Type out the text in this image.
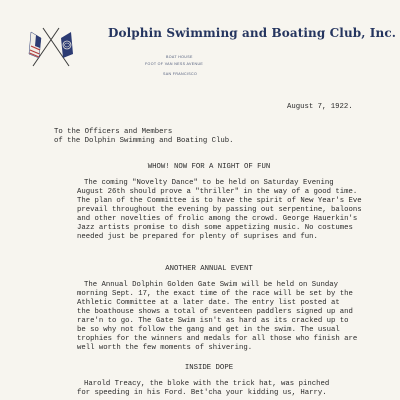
Dolphin Swimming and Boating Club, Inc.
BOAT HOUSE
FOOT OF VAN NESS AVENUE
SAN FRANCISCO
August 7, 1922.
To the Officers and Members
of the Dolphin Swimming and Boating Club.
WHOW! NOW FOR A NIGHT OF FUN
The coming "Novelty Dance" to be held on Saturday Evening
August 26th should prove a "thriller" in the way of a good time.
The plan of the Committee is to have the spirit of New Year's Eve
prevail throughout the evening by passing out serpentine, baloons
and other novelties of frolic among the crowd. George Hauerkin's
Jazz artists promise to dish some appetizing music. No costumes
needed just be prepared for plenty of suprises and fun.
ANOTHER ANNUAL EVENT
The Annual Dolphin Golden Gate Swim will be held on Sunday
morning Sept. 17, the exact time of the race will be set by the
Athletic Committee at a later date. The entry list posted at
the boathouse shows a total of seventeen paddlers signed up and
rare'n to go. The Gate Swim isn't as hard as its cracked up to
be so why not follow the gang and get in the swim. The usual
trophies for the winners and medals for all those who finish are
well worth the few moments of shivering.
INSIDE DOPE
Harold Treacy, the bloke with the trick hat, was pinched
for speeding in his Ford. Bet'cha your kidding us, Harry.
